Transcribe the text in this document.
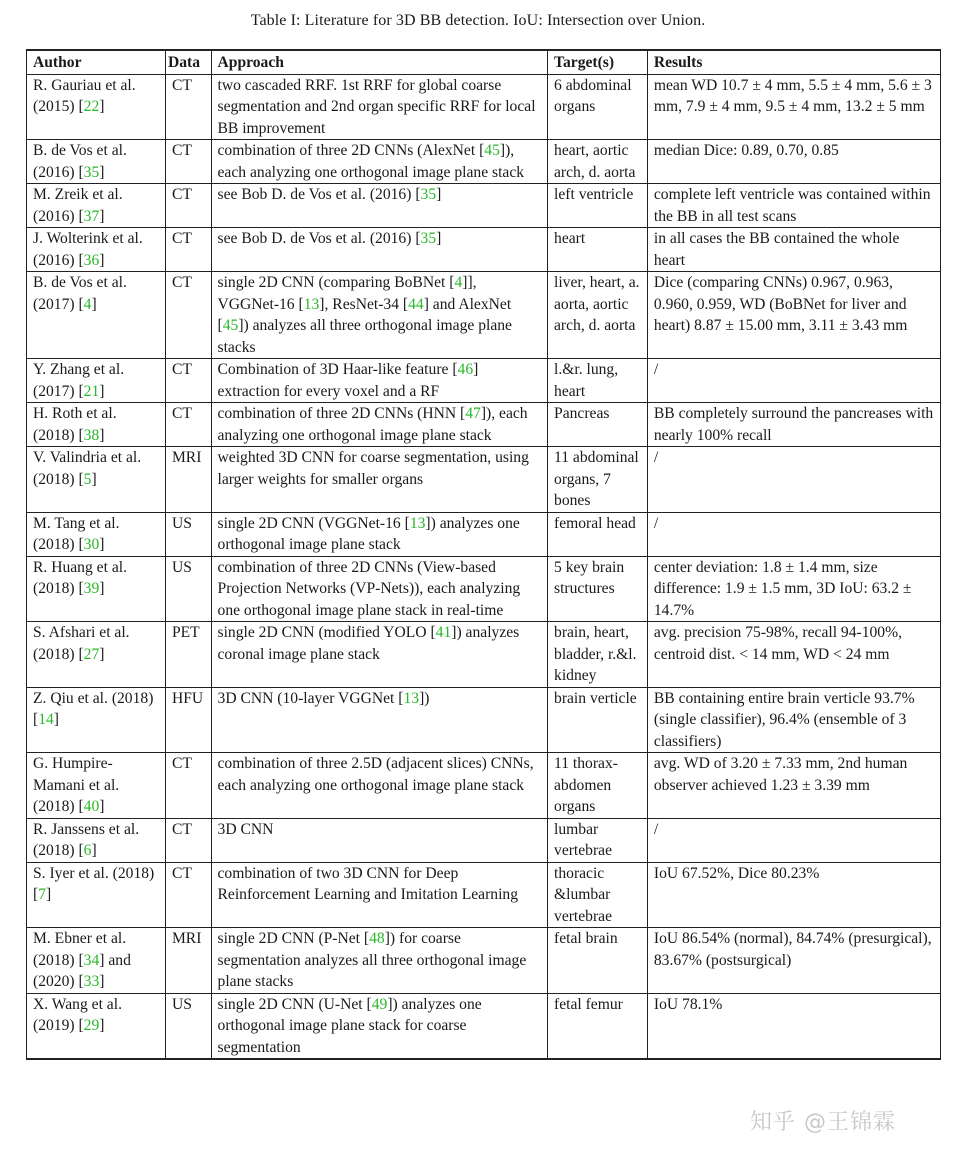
Table I: Literature for 3D BB detection. IoU: Intersection over Union.
Author	Data	Approach	Target(s)	Results
R. Gauriau et al. (2015) [22]	CT	two cascaded RRF. 1st RRF for global coarse segmentation and 2nd organ specific RRF for local BB improvement	6 abdominal organs	mean WD 10.7 ± 4 mm, 5.5 ± 4 mm, 5.6 ± 3 mm, 7.9 ± 4 mm, 9.5 ± 4 mm, 13.2 ± 5 mm
B. de Vos et al. (2016) [35]	CT	combination of three 2D CNNs (AlexNet [45]), each analyzing one orthogonal image plane stack	heart, aortic arch, d. aorta	median Dice: 0.89, 0.70, 0.85
M. Zreik et al. (2016) [37]	CT	see Bob D. de Vos et al. (2016) [35]	left ventricle	complete left ventricle was contained within the BB in all test scans
J. Wolterink et al. (2016) [36]	CT	see Bob D. de Vos et al. (2016) [35]	heart	in all cases the BB contained the whole heart
B. de Vos et al. (2017) [4]	CT	single 2D CNN (comparing BoBNet [4]], VGGNet-16 [13], ResNet-34 [44] and AlexNet [45]) analyzes all three orthogonal image plane stacks	liver, heart, a. aorta, aortic arch, d. aorta	Dice (comparing CNNs) 0.967, 0.963, 0.960, 0.959, WD (BoBNet for liver and heart) 8.87 ± 15.00 mm, 3.11 ± 3.43 mm
Y. Zhang et al. (2017) [21]	CT	Combination of 3D Haar-like feature [46] extraction for every voxel and a RF	l.&r. lung, heart	/
H. Roth et al. (2018) [38]	CT	combination of three 2D CNNs (HNN [47]), each analyzing one orthogonal image plane stack	Pancreas	BB completely surround the pancreases with nearly 100% recall
V. Valindria et al. (2018) [5]	MRI	weighted 3D CNN for coarse segmentation, using larger weights for smaller organs	11 abdominal organs, 7 bones	/
M. Tang et al. (2018) [30]	US	single 2D CNN (VGGNet-16 [13]) analyzes one orthogonal image plane stack	femoral head	/
R. Huang et al. (2018) [39]	US	combination of three 2D CNNs (View-based Projection Networks (VP-Nets)), each analyzing one orthogonal image plane stack in real-time	5 key brain structures	center deviation: 1.8 ± 1.4 mm, size difference: 1.9 ± 1.5 mm, 3D IoU: 63.2 ± 14.7%
S. Afshari et al. (2018) [27]	PET	single 2D CNN (modified YOLO [41]) analyzes coronal image plane stack	brain, heart, bladder, r.&l. kidney	avg. precision 75-98%, recall 94-100%, centroid dist. < 14 mm, WD < 24 mm
Z. Qiu et al. (2018) [14]	HFU	3D CNN (10-layer VGGNet [13])	brain verticle	BB containing entire brain verticle 93.7% (single classifier), 96.4% (ensemble of 3 classifiers)
G. Humpire-Mamani et al. (2018) [40]	CT	combination of three 2.5D (adjacent slices) CNNs, each analyzing one orthogonal image plane stack	11 thorax-abdomen organs	avg. WD of 3.20 ± 7.33 mm, 2nd human observer achieved 1.23 ± 3.39 mm
R. Janssens et al. (2018) [6]	CT	3D CNN	lumbar vertebrae	/
S. Iyer et al. (2018) [7]	CT	combination of two 3D CNN for Deep Reinforcement Learning and Imitation Learning	thoracic &lumbar vertebrae	IoU 67.52%, Dice 80.23%
M. Ebner et al.(2018) [34] and (2020) [33]	MRI	single 2D CNN (P-Net [48]) for coarse segmentation analyzes all three orthogonal image plane stacks	fetal brain	IoU 86.54% (normal), 84.74% (presurgical), 83.67% (postsurgical)
X. Wang et al. (2019) [29]	US	single 2D CNN (U-Net [49]) analyzes one orthogonal image plane stack for coarse segmentation	fetal femur	IoU 78.1%
知乎 @王锦霖
